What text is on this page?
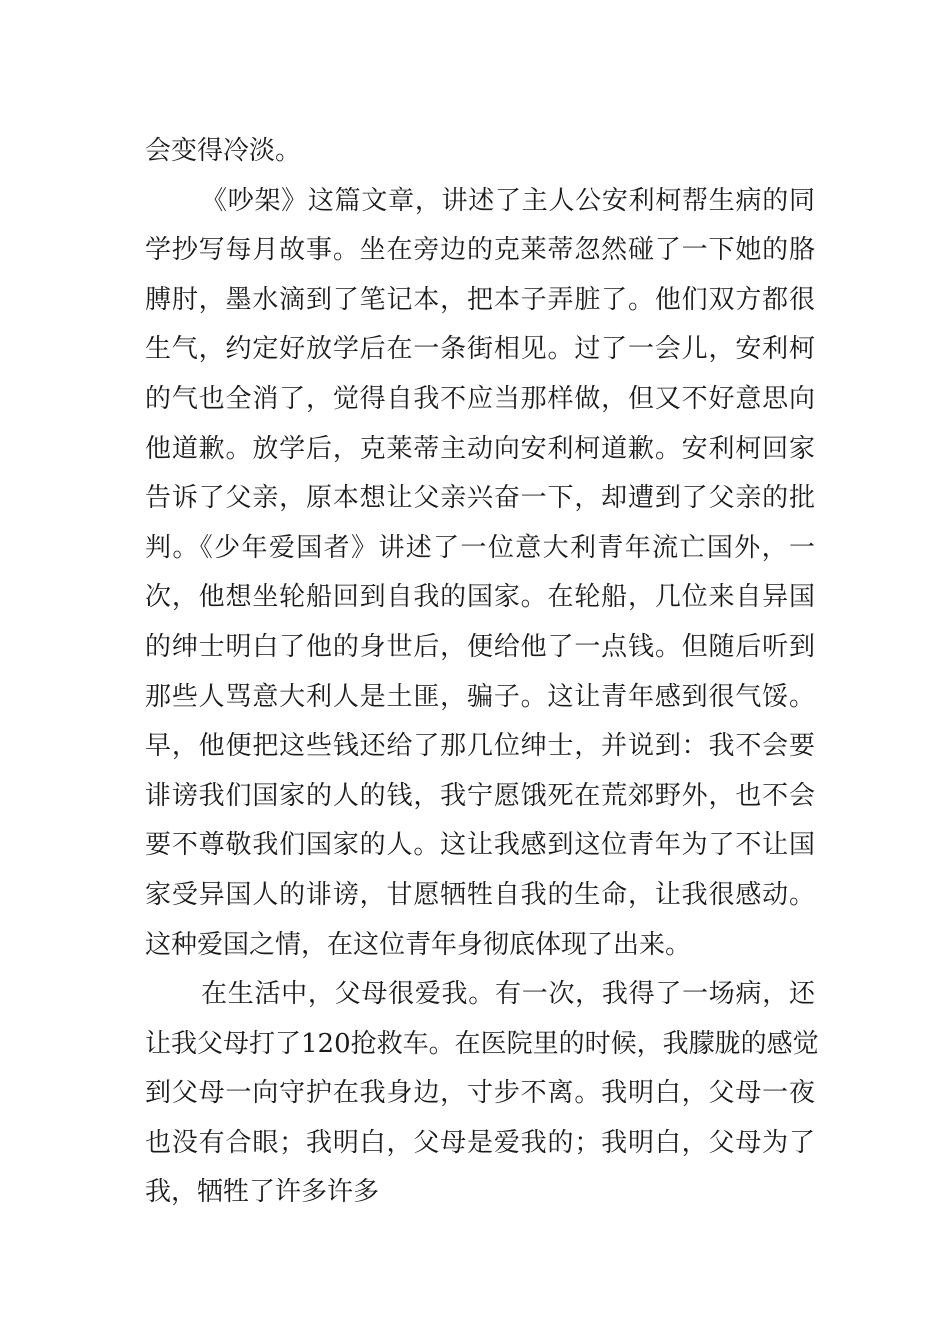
会变得冷淡。
《吵架》这篇文章，讲述了主人公安利柯帮生病的同
学抄写每月故事。坐在旁边的克莱蒂忽然碰了一下她的胳
膊肘，墨水滴到了笔记本，把本子弄脏了。他们双方都很
生气，约定好放学后在一条街相见。过了一会儿，安利柯
的气也全消了，觉得自我不应当那样做，但又不好意思向
他道歉。放学后，克莱蒂主动向安利柯道歉。安利柯回家
告诉了父亲，原本想让父亲兴奋一下，却遭到了父亲的批
判。《少年爱国者》讲述了一位意大利青年流亡国外，一
次，他想坐轮船回到自我的国家。在轮船，几位来自异国
的绅士明白了他的身世后，便给他了一点钱。但随后听到
那些人骂意大利人是土匪，骗子。这让青年感到很气馁。
早，他便把这些钱还给了那几位绅士，并说到：我不会要
诽谤我们国家的人的钱，我宁愿饿死在荒郊野外，也不会
要不尊敬我们国家的人。这让我感到这位青年为了不让国
家受异国人的诽谤，甘愿牺牲自我的生命，让我很感动。
这种爱国之情，在这位青年身彻底体现了出来。
在生活中，父母很爱我。有一次，我得了一场病，还
让我父母打了120抢救车。在医院里的时候，我朦胧的感觉
到父母一向守护在我身边，寸步不离。我明白，父母一夜
也没有合眼；我明白，父母是爱我的；我明白，父母为了
我，牺牲了许多许多
